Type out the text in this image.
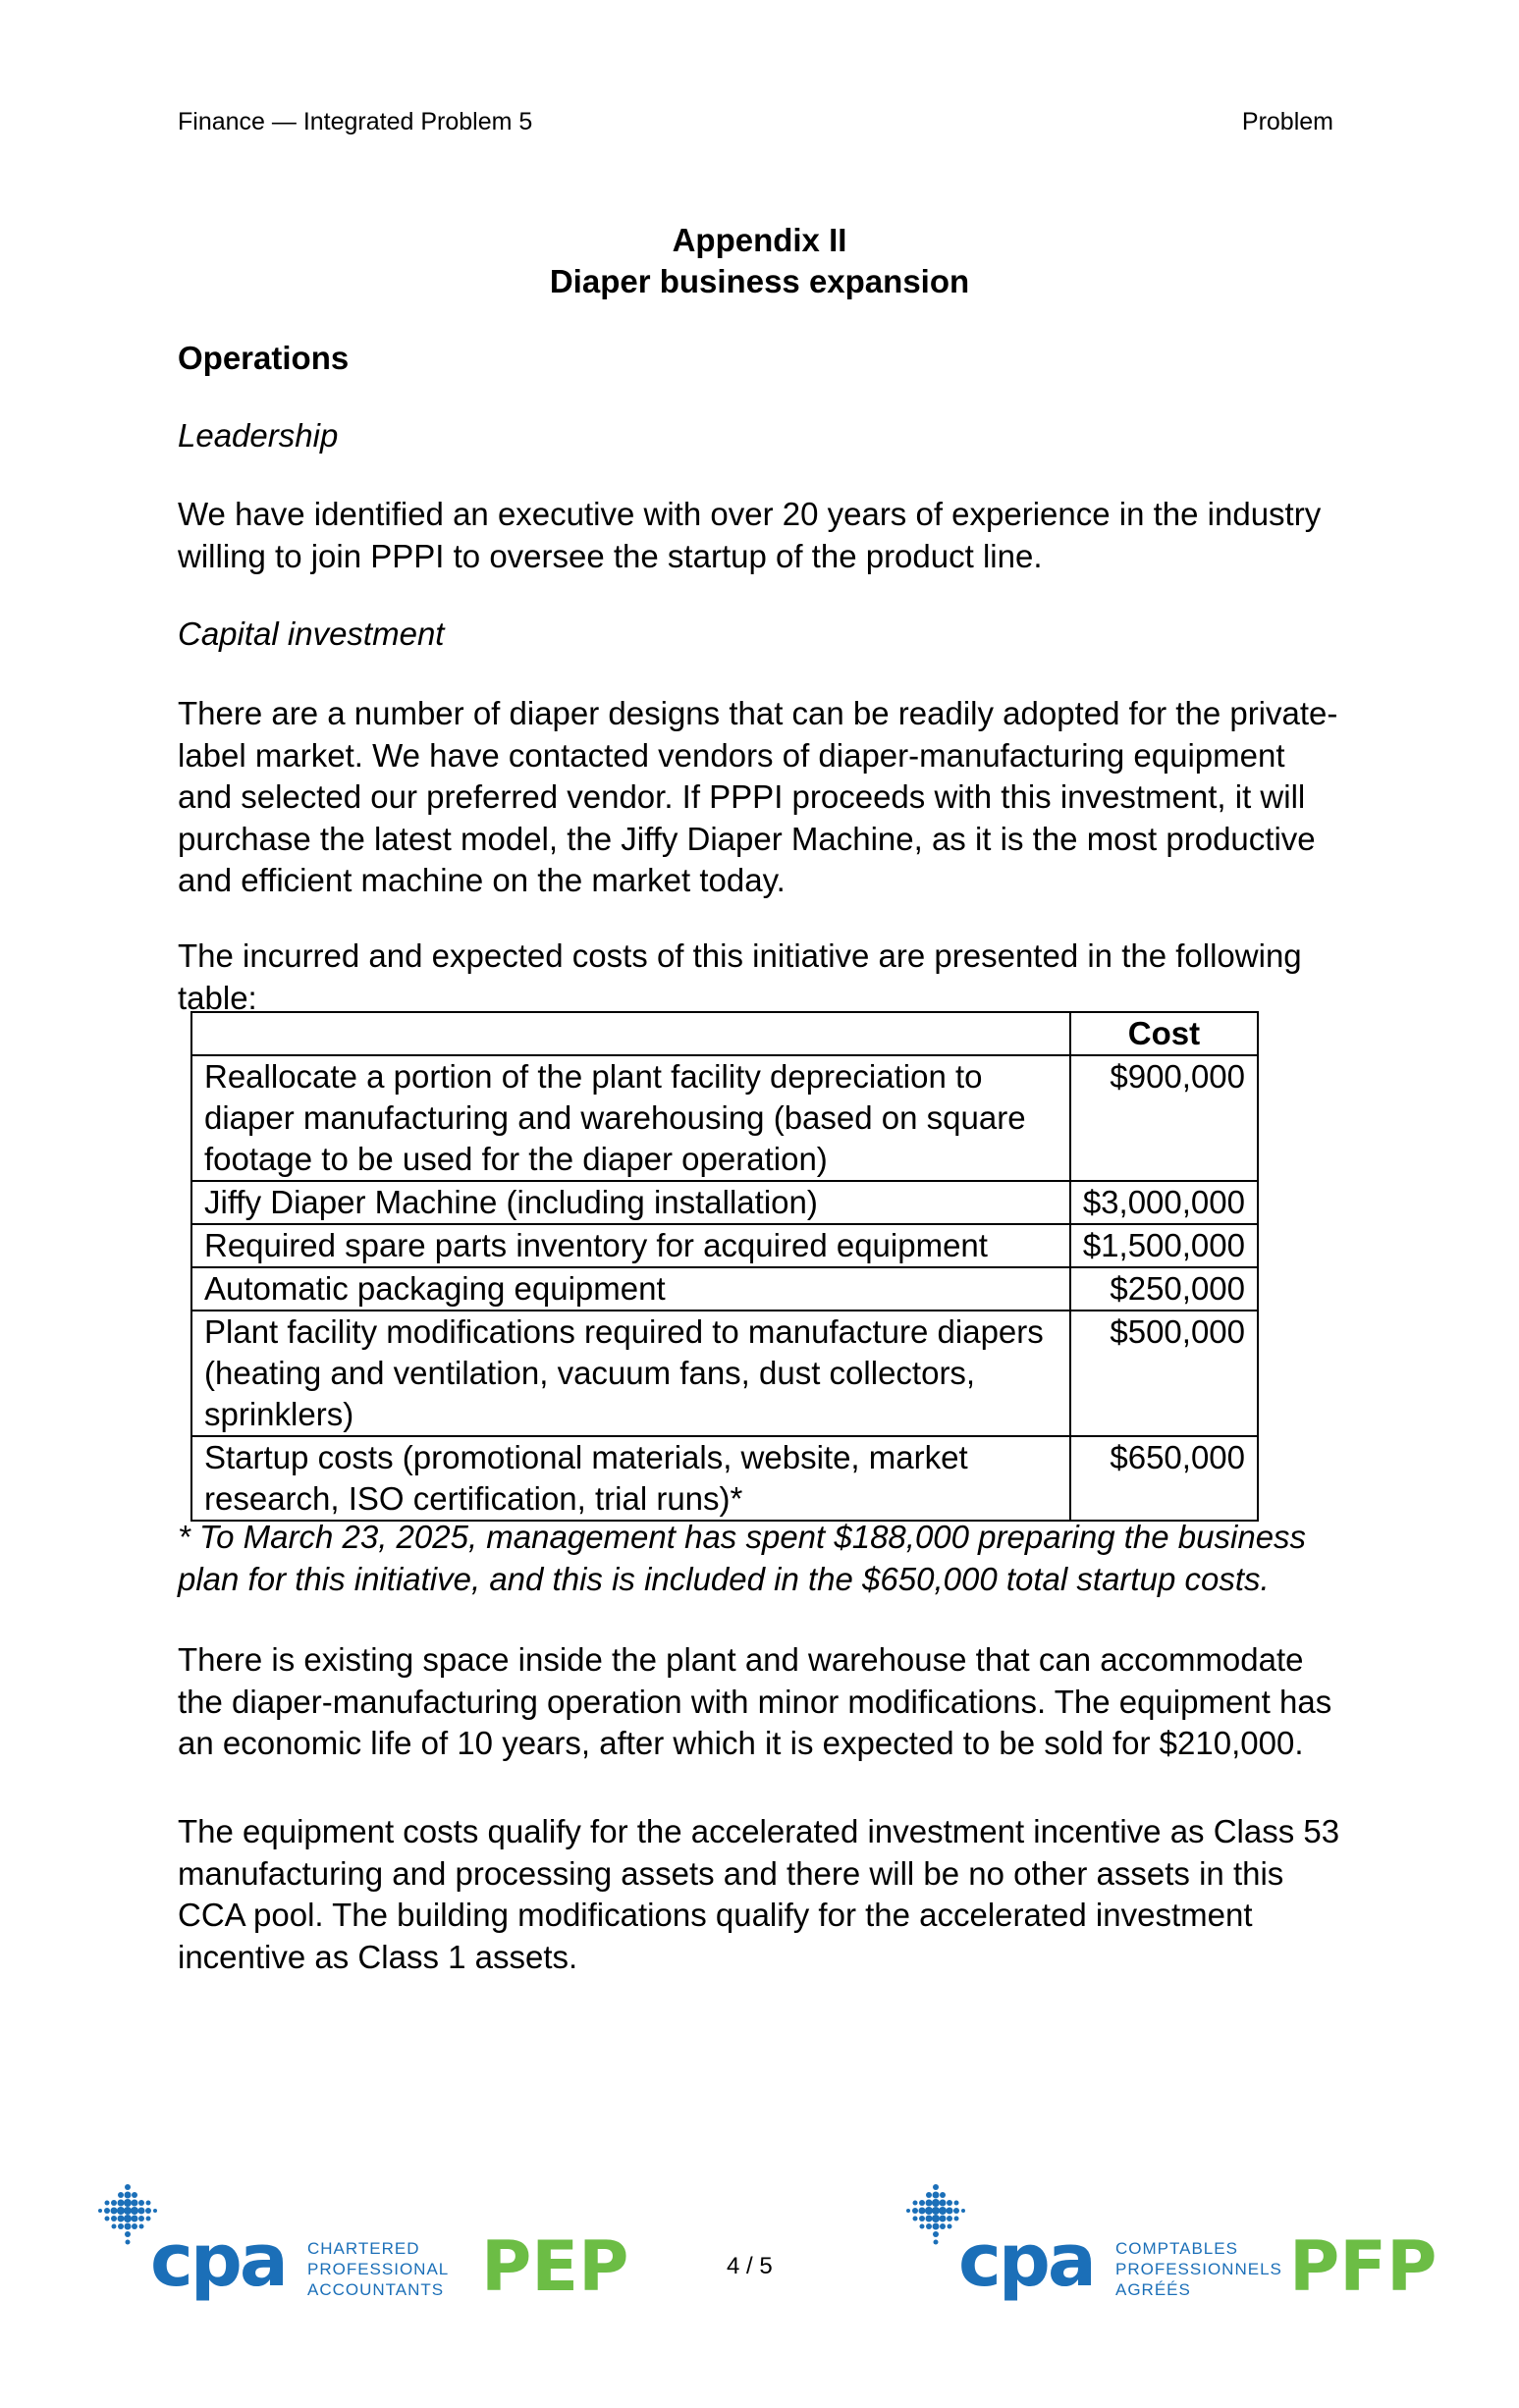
Finance — Integrated Problem 5	Problem
Appendix II
Diaper business expansion
Operations
Leadership
We have identified an executive with over 20 years of experience in the industry willing to join PPPI to oversee the startup of the product line.
Capital investment
There are a number of diaper designs that can be readily adopted for the private-label market. We have contacted vendors of diaper-manufacturing equipment and selected our preferred vendor. If PPPI proceeds with this investment, it will purchase the latest model, the Jiffy Diaper Machine, as it is the most productive and efficient machine on the market today.
The incurred and expected costs of this initiative are presented in the following table:
	Cost
Reallocate a portion of the plant facility depreciation to diaper manufacturing and warehousing (based on square footage to be used for the diaper operation)	$900,000
Jiffy Diaper Machine (including installation)	$3,000,000
Required spare parts inventory for acquired equipment	$1,500,000
Automatic packaging equipment	$250,000
Plant facility modifications required to manufacture diapers (heating and ventilation, vacuum fans, dust collectors, sprinklers)	$500,000
Startup costs (promotional materials, website, market research, ISO certification, trial runs)*	$650,000
* To March 23, 2025, management has spent $188,000 preparing the business plan for this initiative, and this is included in the $650,000 total startup costs.
There is existing space inside the plant and warehouse that can accommodate the diaper-manufacturing operation with minor modifications. The equipment has an economic life of 10 years, after which it is expected to be sold for $210,000.
The equipment costs qualify for the accelerated investment incentive as Class 53 manufacturing and processing assets and there will be no other assets in this CCA pool. The building modifications qualify for the accelerated investment incentive as Class 1 assets.
cpa CHARTERED
PROFESSIONAL
ACCOUNTANTS PEP	4 / 5	cpa COMPTABLES
PROFESSIONNELS
AGRÉÉS	PFP
